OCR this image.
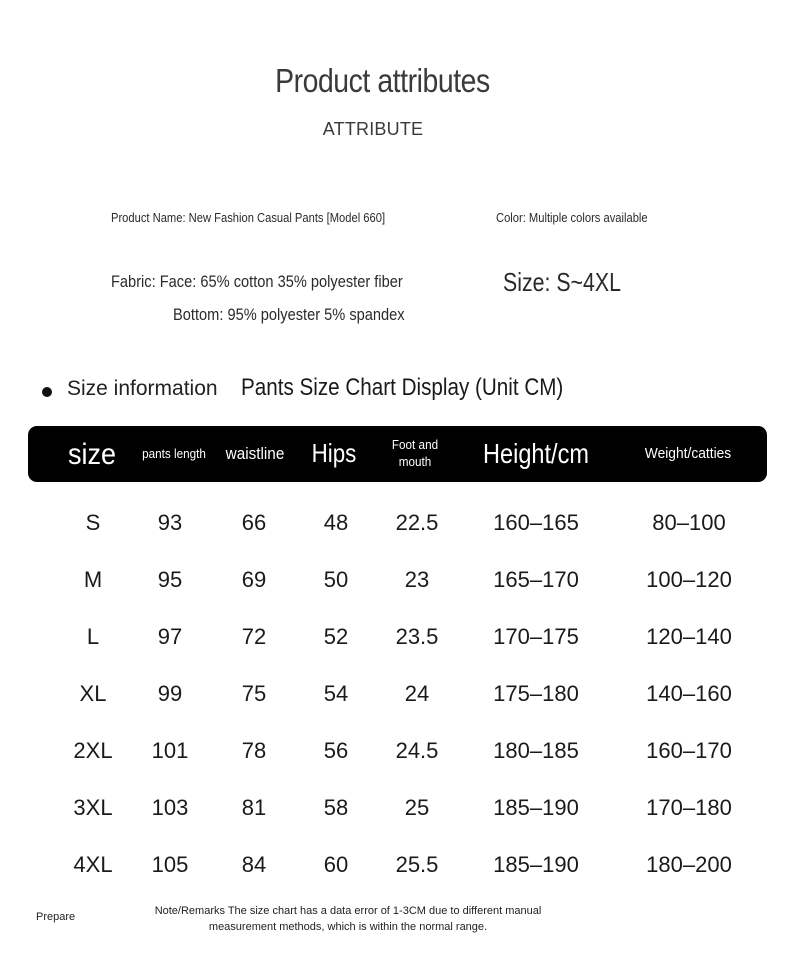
Product attributes
ATTRIBUTE
Product Name: New Fashion Casual Pants [Model 660]	Color: Multiple colors available
Fabric: Face: 65% cotton 35% polyester fiber
Bottom: 95% polyester 5% spandex
Size: S~4XL
Size information Pants Size Chart Display (Unit CM)
size	pants length	waistline	Hips	Foot and mouth	Height/cm	Weight/catties
S	93	66	48	22.5	160–165	80–100
M	95	69	50	23	165–170	100–120
L	97	72	52	23.5	170–175	120–140
XL	99	75	54	24	175–180	140–160
2XL	101	78	56	24.5	180–185	160–170
3XL	103	81	58	25	185–190	170–180
4XL	105	84	60	25.5	185–190	180–200
Prepare	Note/Remarks The size chart has a data error of 1-3CM due to different manual measurement methods, which is within the normal range.
